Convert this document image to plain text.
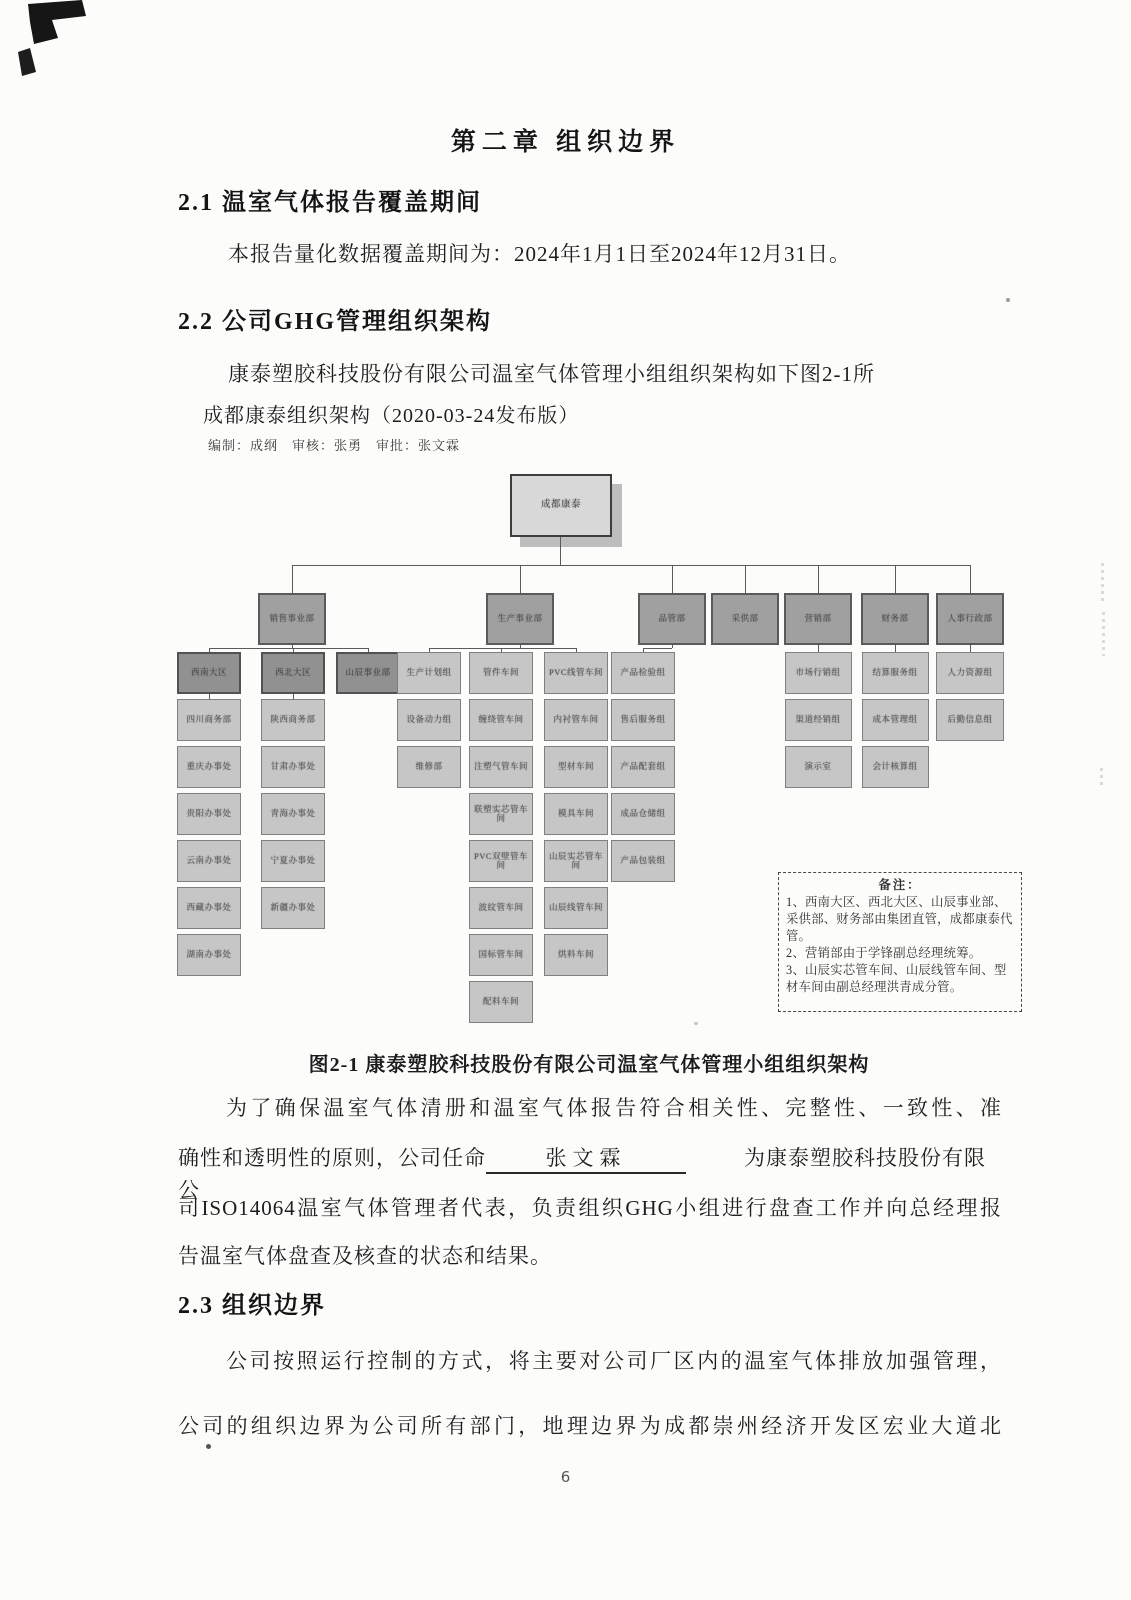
第二章 组织边界
2.1 温室气体报告覆盖期间
本报告量化数据覆盖期间为：2024年1月1日至2024年12月31日。
2.2 公司GHG管理组织架构
康泰塑胶科技股份有限公司温室气体管理小组组织架构如下图2-1所
成都康泰组织架构（2020-03-24发布版）
编制：成纲　审核：张勇　审批：张文霖
成都康泰
销售事业部
西南大区
四川商务部
重庆办事处
贵阳办事处
云南办事处
西藏办事处
湖南办事处
西北大区
陕西商务部
甘肃办事处
青海办事处
宁夏办事处
新疆办事处
山辰事业部
生产事业部
生产计划组
设备动力组
维修部
管件车间
缠绕管车间
注塑气管车间
联塑实芯管车间
PVC双壁管车间
波纹管车间
国标管车间
配料车间
PVC线管车间
内衬管车间
型材车间
模具车间
山辰实芯管车间
山辰线管车间
烘料车间
品管部
产品检验组
售后服务组
产品配套组
成品仓储组
产品包装组
采供部	营销部
市场行销组
渠道经销组
演示室
财务部
结算服务组
成本管理组
会计核算组
人事行政部
人力资源组
后勤信息组
备注：
1、西南大区、西北大区、山辰事业部、采供部、财务部由集团直管，成都康泰代管。
2、营销部由于学锋副总经理统筹。
3、山辰实芯管车间、山辰线管车间、型材车间由副总经理洪青成分管。
图2-1 康泰塑胶科技股份有限公司温室气体管理小组组织架构
为了确保温室气体清册和温室气体报告符合相关性、完整性、一致性、准
确性和透明性的原则，公司任命	张文霖	为康泰塑胶科技股份有限公
司ISO14064温室气体管理者代表，负责组织GHG小组进行盘查工作并向总经理报
告温室气体盘查及核查的状态和结果。
2.3 组织边界
公司按照运行控制的方式，将主要对公司厂区内的温室气体排放加强管理，
公司的组织边界为公司所有部门，地理边界为成都崇州经济开发区宏业大道北
6
